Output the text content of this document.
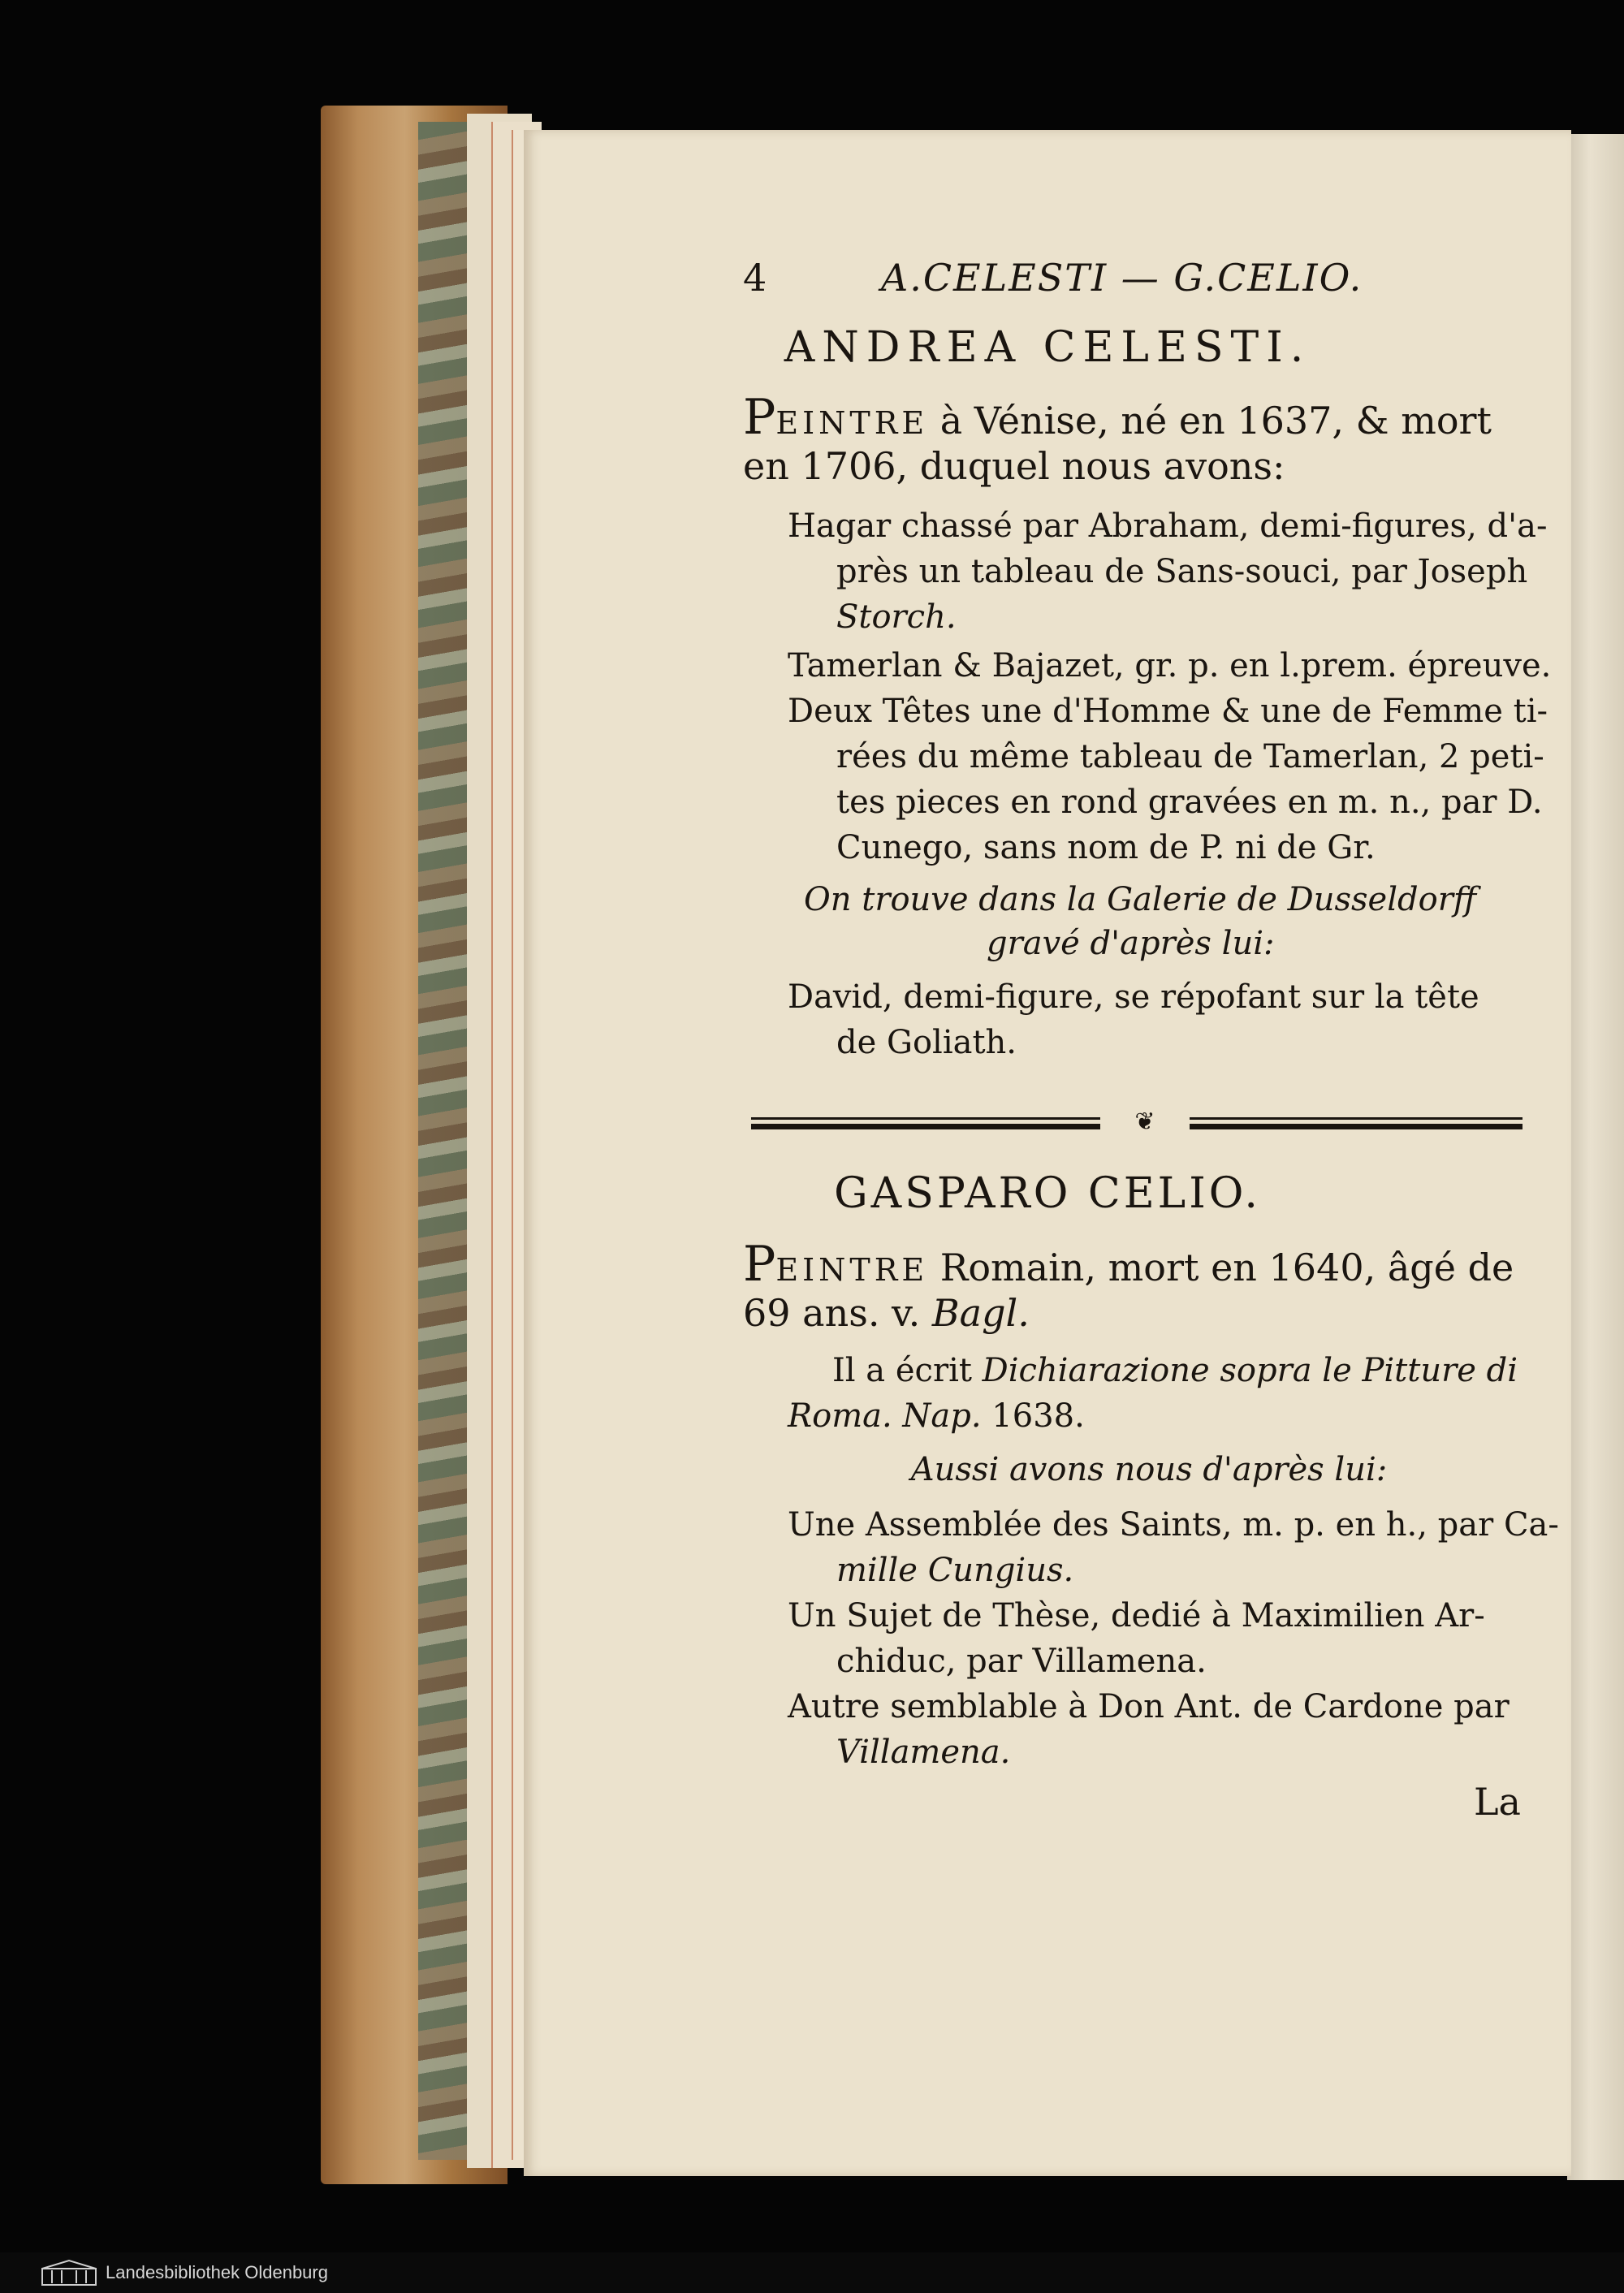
4	A.CELESTI — G.CELIO.
ANDREA CELESTI.

PEINTRE à Vénise, né en 1637, & mort

en 1706, duquel nous avons:

Hagar chassé par Abraham, demi-figures, d'a-

près un tableau de Sans-souci, par Joseph

Storch.

Tamerlan & Bajazet, gr. p. en l.prem. épreuve.

Deux Têtes une d'Homme & une de Femme ti-

rées du même tableau de Tamerlan, 2 peti-

tes pieces en rond gravées en m. n., par D.

Cunego, sans nom de P. ni de Gr.

On trouve dans la Galerie de Dusseldorff

gravé d'après lui:

David, demi-figure, se répofant sur la tête

de Goliath.

❦
GASPARO CELIO.

PEINTRE Romain, mort en 1640, âgé de

69 ans. v. Bagl.

Il a écrit Dichiarazione sopra le Pitture di

Roma. Nap. 1638.

Aussi avons nous d'après lui:

Une Assemblée des Saints, m. p. en h., par Ca-

mille Cungius.

Un Sujet de Thèse, dedié à Maximilien Ar-

chiduc, par Villamena.

Autre semblable à Don Ant. de Cardone par

Villamena.

La

Landesbibliothek Oldenburg
